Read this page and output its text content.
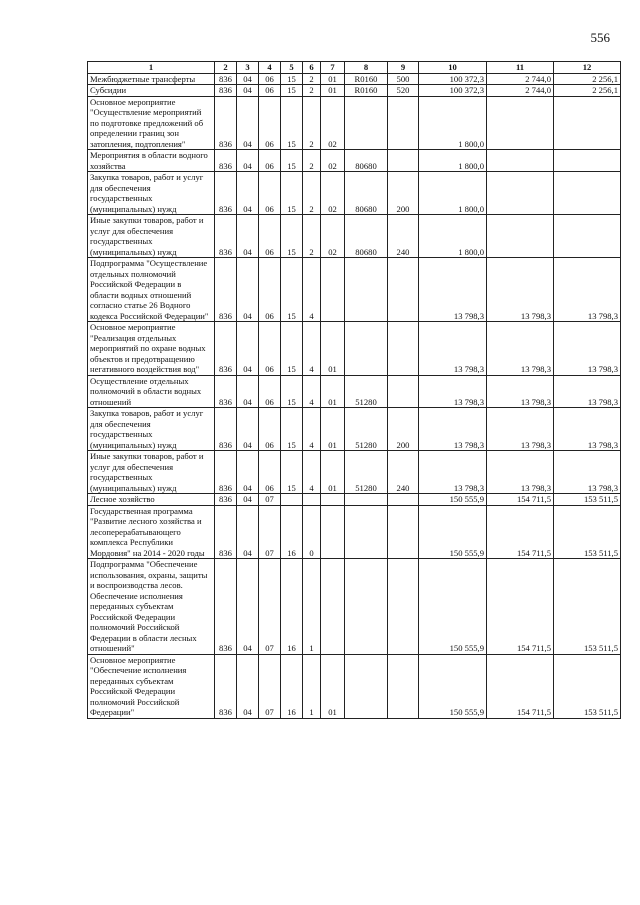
556
1	2	3	4	5	6	7	8	9	10	11	12
Межбюджетные трансферты	836	04	06	15	2	01	R0160	500	100 372,3	2 744,0	2 256,1
Субсидии	836	04	06	15	2	01	R0160	520	100 372,3	2 744,0	2 256,1
Основное мероприятие "Осуществление мероприятий по подготовке предложений об определении границ зон затопления, подтопления"	836	04	06	15	2	02			1 800,0		
Мероприятия в области водного хозяйства	836	04	06	15	2	02	80680		1 800,0		
Закупка товаров, работ и услуг для обеспечения государственных (муниципальных) нужд	836	04	06	15	2	02	80680	200	1 800,0		
Иные закупки товаров, работ и услуг для обеспечения государственных (муниципальных) нужд	836	04	06	15	2	02	80680	240	1 800,0		
Подпрограмма "Осуществление отдельных полномочий Российской Федерации в области водных отношений согласно статье 26 Водного кодекса Российской Федерации"	836	04	06	15	4				13 798,3	13 798,3	13 798,3
Основное мероприятие "Реализация отдельных мероприятий по охране водных объектов и предотвращению негативного воздействия вод"	836	04	06	15	4	01			13 798,3	13 798,3	13 798,3
Осуществление отдельных полномочий в области водных отношений	836	04	06	15	4	01	51280		13 798,3	13 798,3	13 798,3
Закупка товаров, работ и услуг для обеспечения государственных (муниципальных) нужд	836	04	06	15	4	01	51280	200	13 798,3	13 798,3	13 798,3
Иные закупки товаров, работ и услуг для обеспечения государственных (муниципальных) нужд	836	04	06	15	4	01	51280	240	13 798,3	13 798,3	13 798,3
Лесное хозяйство	836	04	07						150 555,9	154 711,5	153 511,5
Государственная программа "Развитие лесного хозяйства и лесоперерабатывающего комплекса Республики Мордовия" на 2014 - 2020 годы	836	04	07	16	0				150 555,9	154 711,5	153 511,5
Подпрограмма "Обеспечение использования, охраны, защиты и воспроизводства лесов. Обеспечение исполнения переданных субъектам Российской Федерации полномочий Российской Федерации в области лесных отношений"	836	04	07	16	1				150 555,9	154 711,5	153 511,5
Основное мероприятие "Обеспечение исполнения переданных субъектам Российской Федерации полномочий Российской Федерации"	836	04	07	16	1	01			150 555,9	154 711,5	153 511,5
